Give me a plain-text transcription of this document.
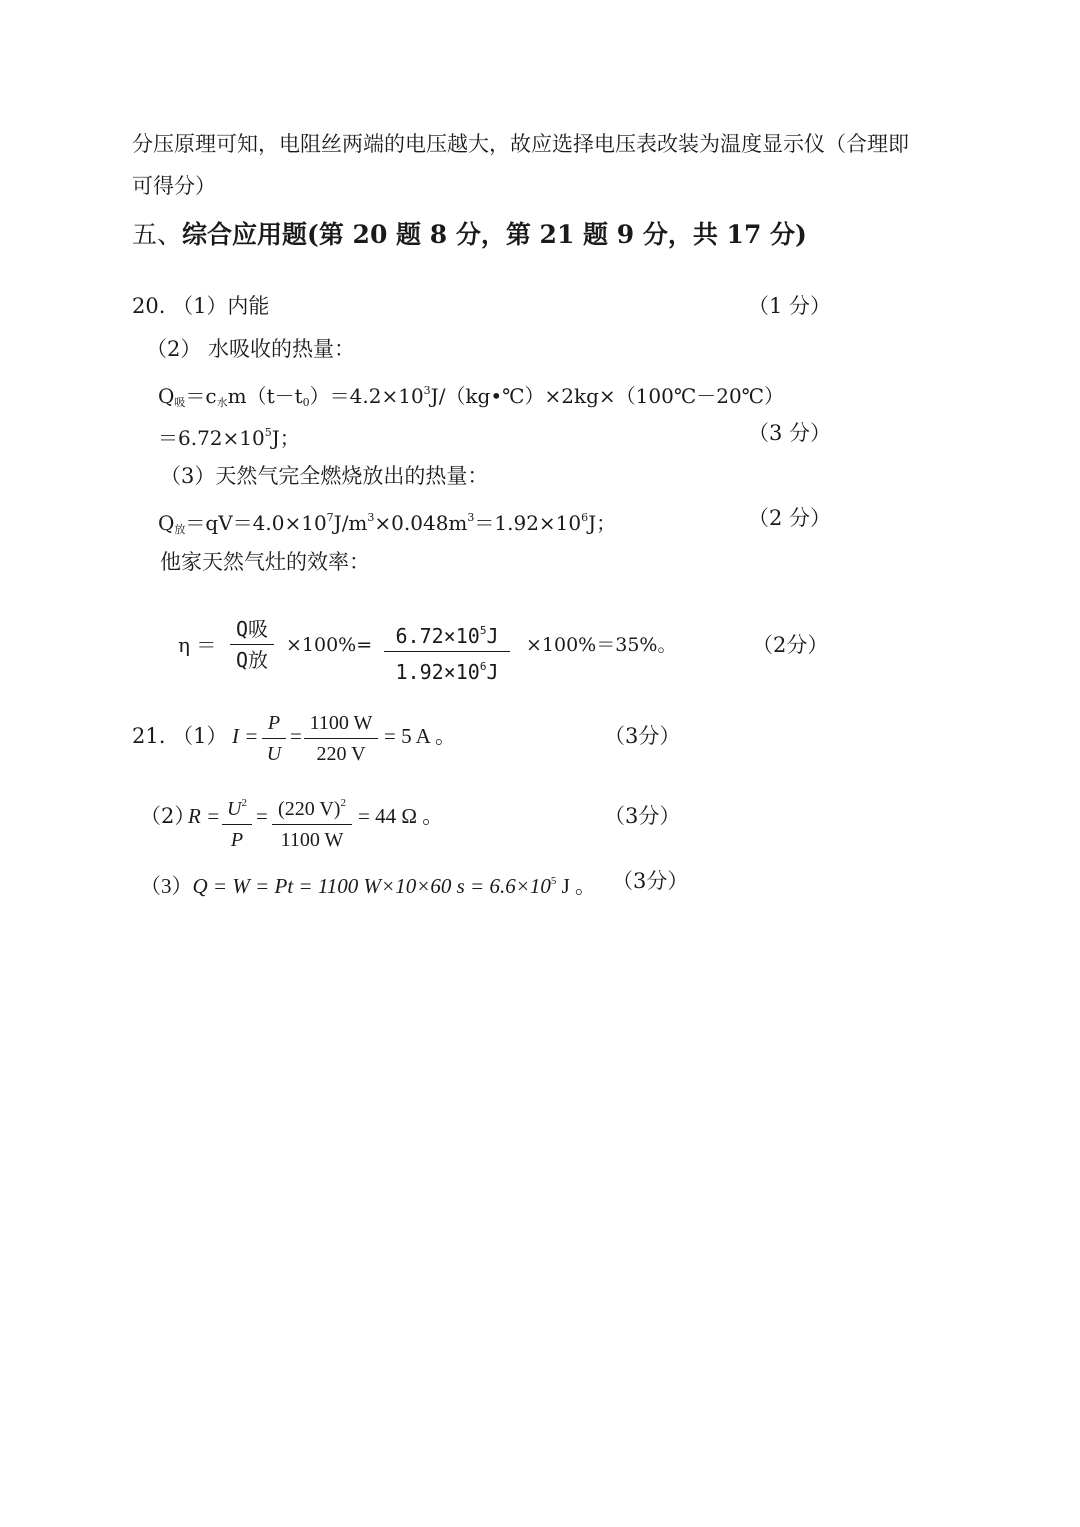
分压原理可知，电阻丝两端的电压越大，故应选择电压表改装为温度显示仪（合理即
可得分）
五、综合应用题(第 20 题 8 分，第 21 题 9 分，共 17 分)
20. （1）内能	（1 分）
（2） 水吸收的热量：
$Q_吸=c_水m(t-t_0)=4.2\times 10^3J/(kg•℃)\times 2kg\times(100℃-20℃)$
$=6.72\times 10^5J$；	（3 分）
（3）天然气完全燃烧放出的热量：
$Q_放=qV=4.0\times 10^7J/m^3\times 0.048m^3=1.92\times 10^6J$；	（2 分）
他家天然气灶的效率：
η ＝
Q吸
Q放
×100%=	$6.72\times 10^5J$
$1.92\times 10^6J$
×100%＝35%。	（2分）
21. （1） I =
P
U
=
1100 W
220 V
= 5 A 。	（3分）
（2）
$R = U^2$
P
= (220 V)$^2$
1100 W
= 44 Ω 。	（3分）
（3）Q = W = Pt = 1100 W×10×60 $s = 6.6\times 10^5$ J 。 （3分）
